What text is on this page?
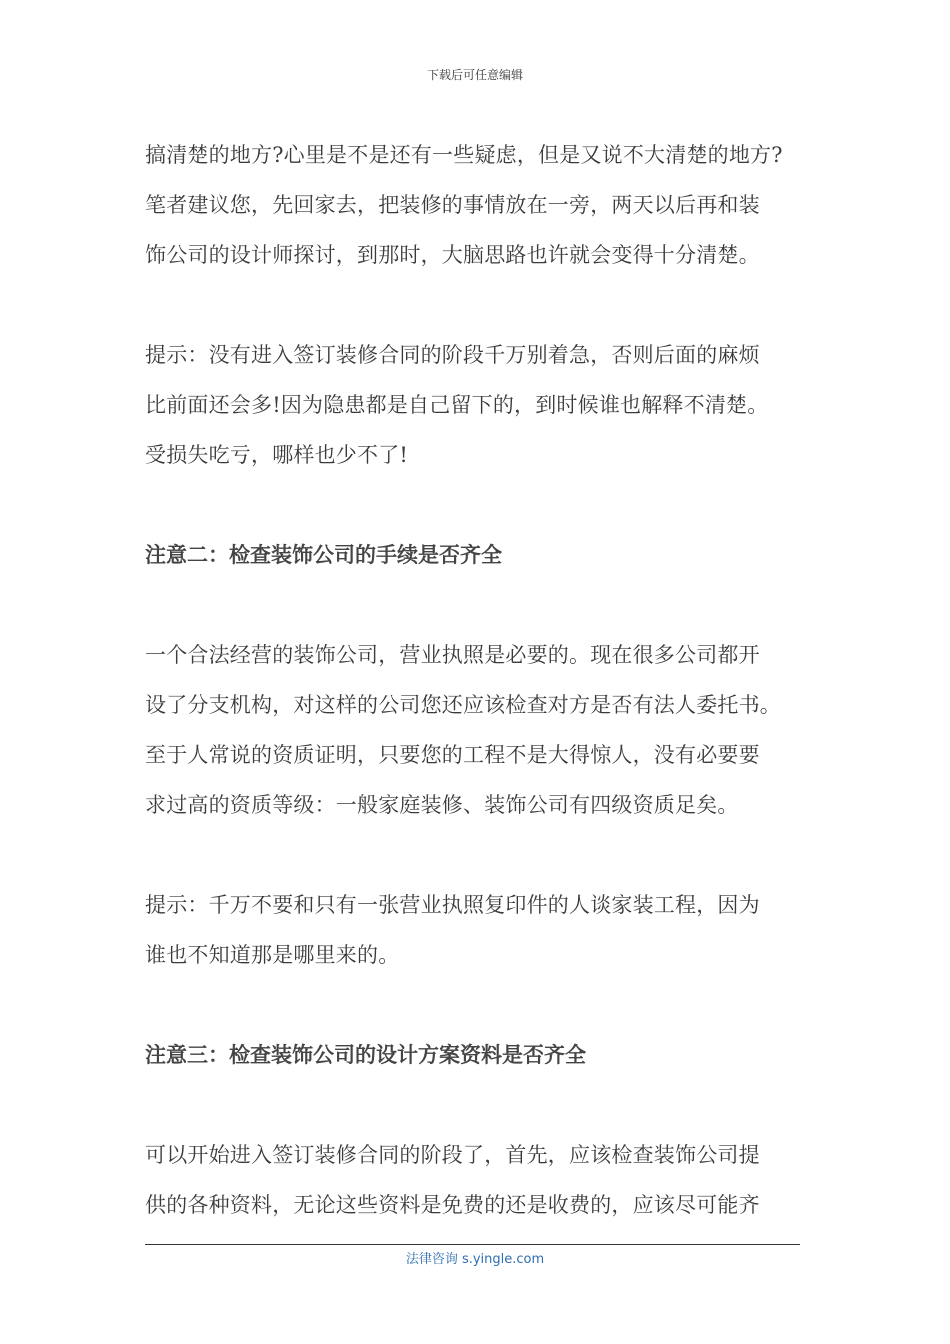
下载后可任意编辑
搞清楚的地方?心里是不是还有一些疑虑，但是又说不大清楚的地方?
笔者建议您，先回家去，把装修的事情放在一旁，两天以后再和装
饰公司的设计师探讨，到那时，大脑思路也许就会变得十分清楚。
提示：没有进入签订装修合同的阶段千万别着急，否则后面的麻烦
比前面还会多!因为隐患都是自己留下的，到时候谁也解释不清楚。
受损失吃亏，哪样也少不了!
注意二：检查装饰公司的手续是否齐全
一个合法经营的装饰公司，营业执照是必要的。现在很多公司都开
设了分支机构，对这样的公司您还应该检查对方是否有法人委托书。
至于人常说的资质证明，只要您的工程不是大得惊人，没有必要要
求过高的资质等级：一般家庭装修、装饰公司有四级资质足矣。
提示：千万不要和只有一张营业执照复印件的人谈家装工程，因为
谁也不知道那是哪里来的。
注意三：检查装饰公司的设计方案资料是否齐全
可以开始进入签订装修合同的阶段了，首先，应该检查装饰公司提
供的各种资料，无论这些资料是免费的还是收费的，应该尽可能齐
法律咨询 s.yingle.com
